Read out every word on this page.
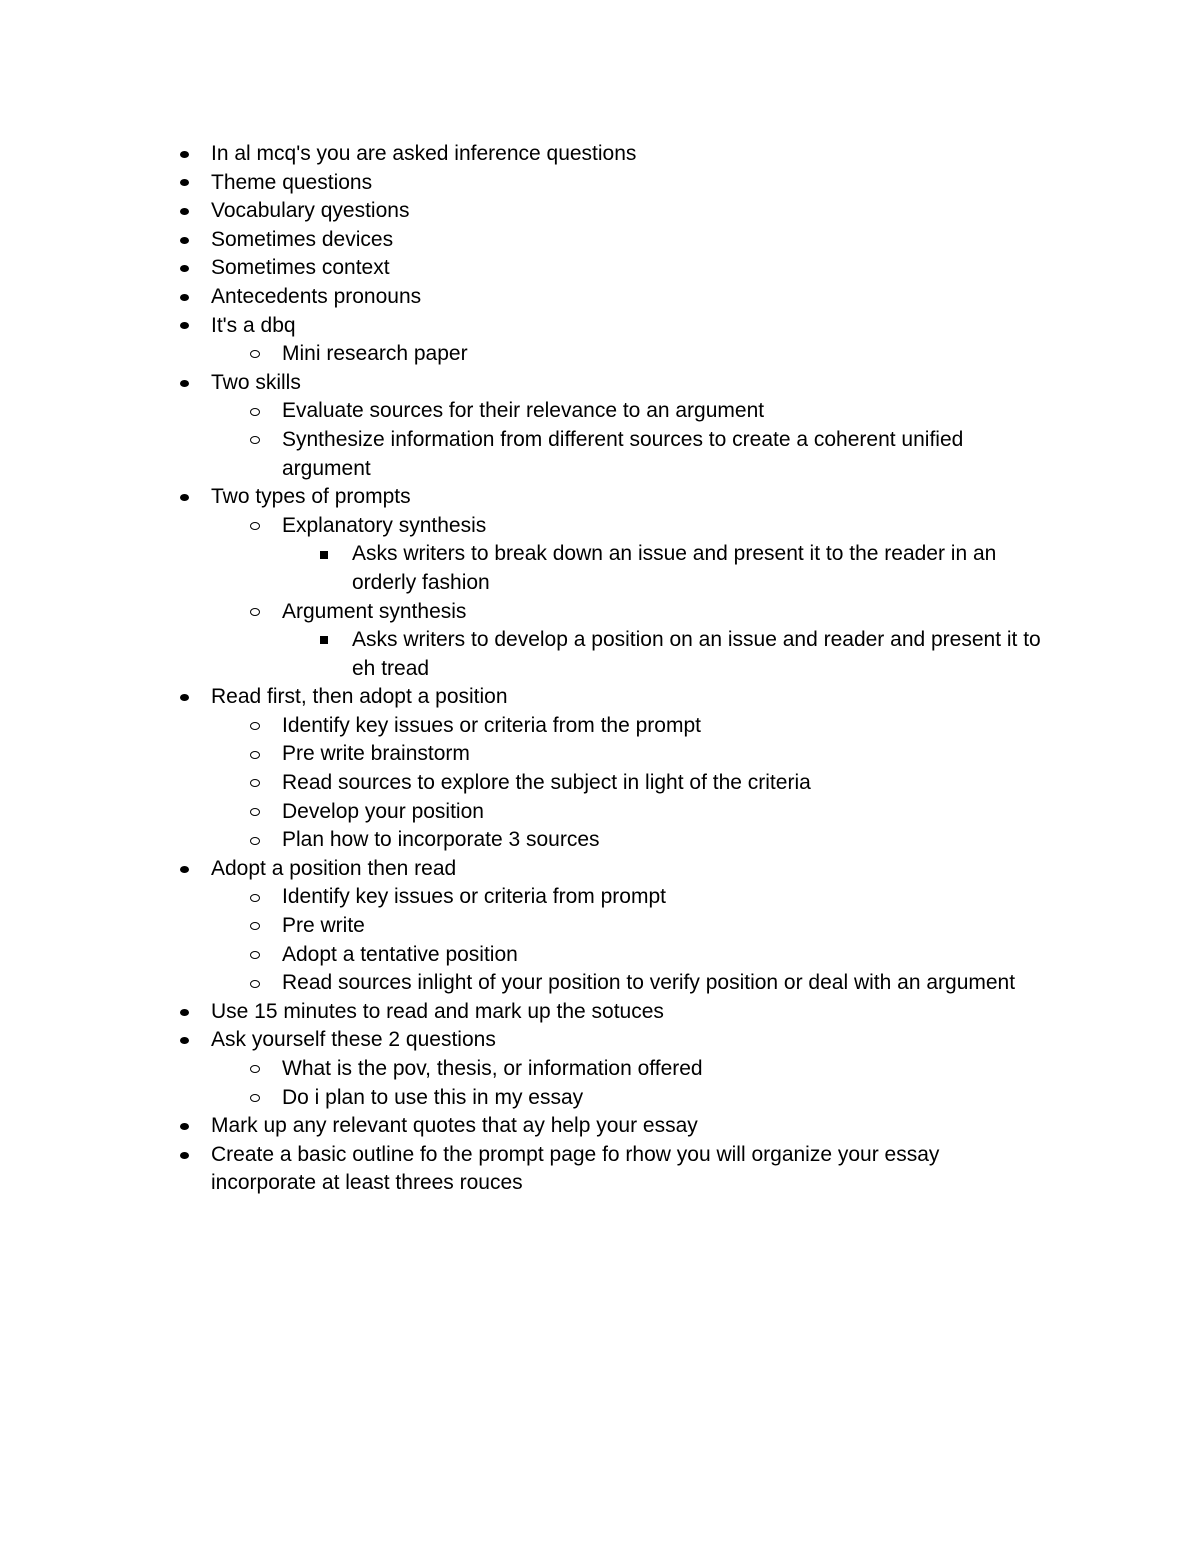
In al mcq's you are asked inference questions
Theme questions
Vocabulary qyestions
Sometimes devices
Sometimes context
Antecedents pronouns
It's a dbq
Mini research paper
Two skills
Evaluate sources for their relevance to an argument
Synthesize information from different sources to create a coherent unified argument
Two types of prompts
Explanatory synthesis
Asks writers to break down an issue and present it to the reader in an orderly fashion
Argument synthesis
Asks writers to develop a position on an issue and reader and present it to eh tread
Read first, then adopt a position
Identify key issues or criteria from the prompt
Pre write brainstorm
Read sources to explore the subject in light of the criteria
Develop your position
Plan how to incorporate 3 sources
Adopt a position then read
Identify key issues or criteria from prompt
Pre write
Adopt a tentative position
Read sources inlight of your position to verify position or deal with an argument
Use 15 minutes to read and mark up the sotuces
Ask yourself these 2 questions
What is the pov, thesis, or information offered
Do i plan to use this in my essay
Mark up any relevant quotes that ay help your essay
Create a basic outline fo the prompt page fo rhow you will organize your essay incorporate at least threes rouces
